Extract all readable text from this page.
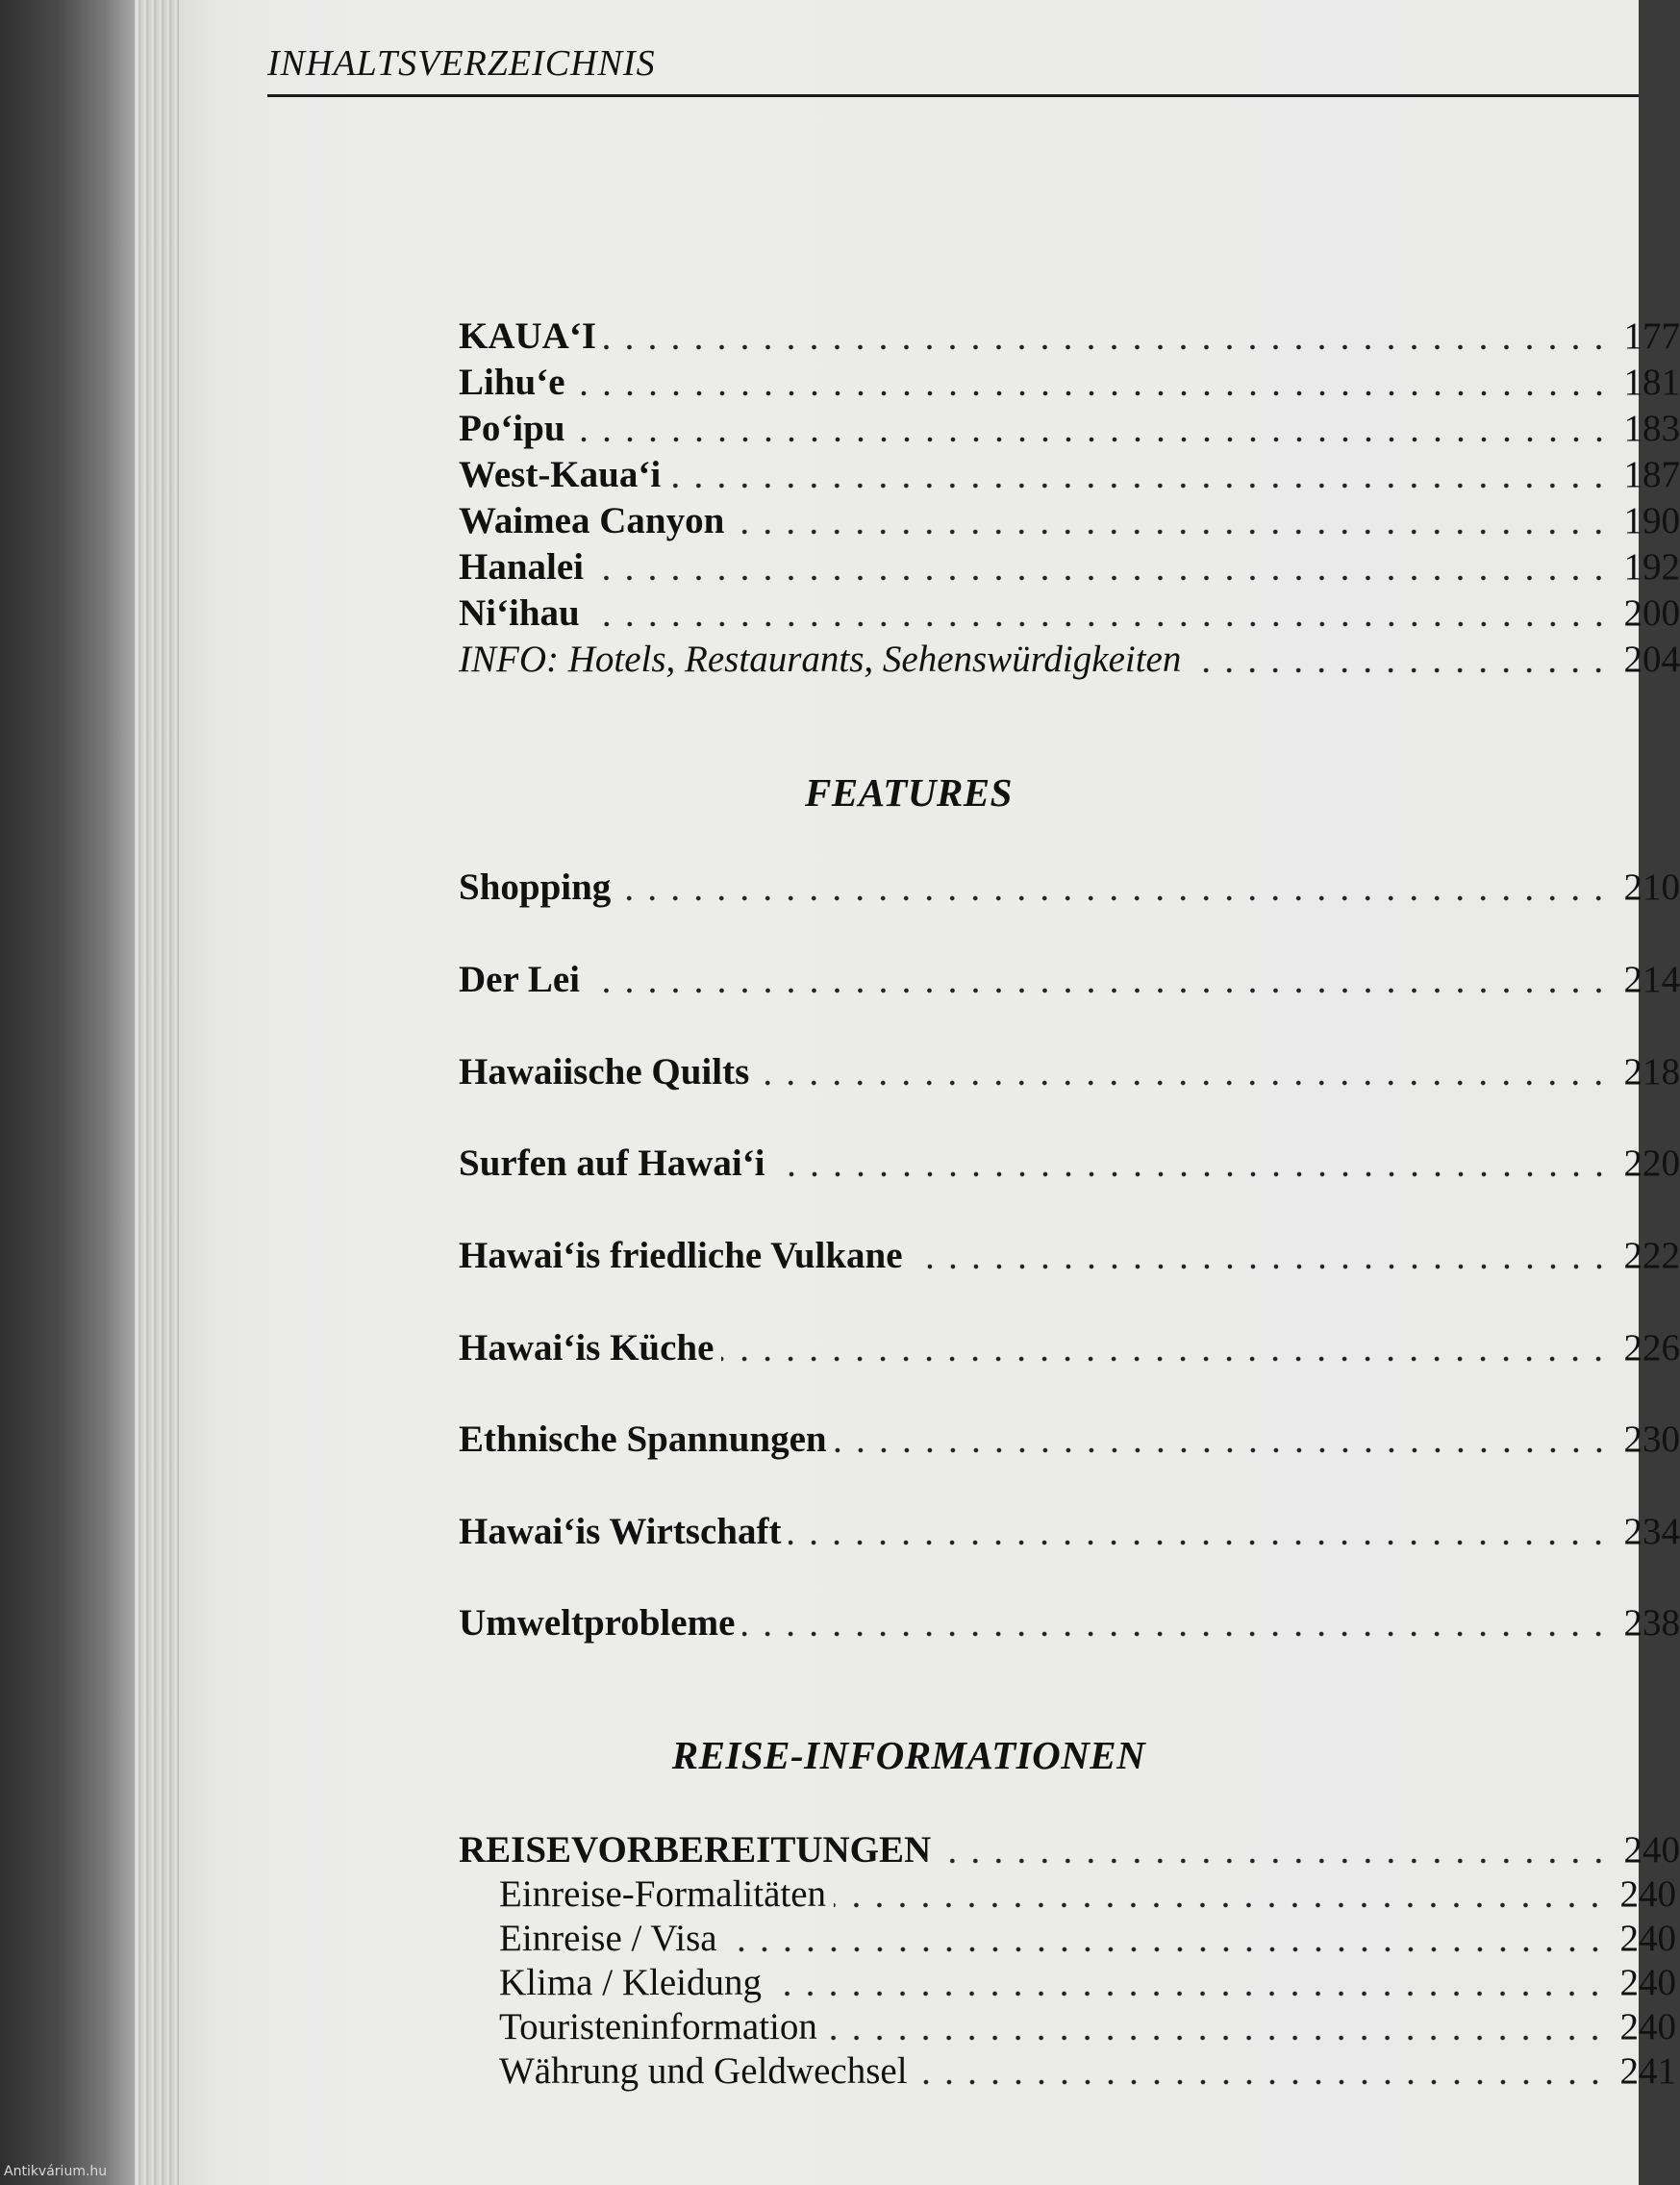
INHALTSVERZEICHNIS
KAUA‘I	177
Lihu‘e	181
Po‘ipu	183
West-Kaua‘i	187
Waimea Canyon	190
Hanalei	192
Ni‘ihau	200
INFO: Hotels, Restaurants, Sehenswürdigkeiten	204
FEATURES
Shopping	210
Der Lei	214
Hawaiische Quilts	218
Surfen auf Hawai‘i	220
Hawai‘is friedliche Vulkane	222
Hawai‘is Küche	226
Ethnische Spannungen	230
Hawai‘is Wirtschaft	234
Umweltprobleme	238
REISE-INFORMATIONEN
REISEVORBEREITUNGEN	240
Einreise-Formalitäten	240
Einreise / Visa	240
Klima / Kleidung	240
Touristeninformation	240
Währung und Geldwechsel	241
Antikvárium.hu
